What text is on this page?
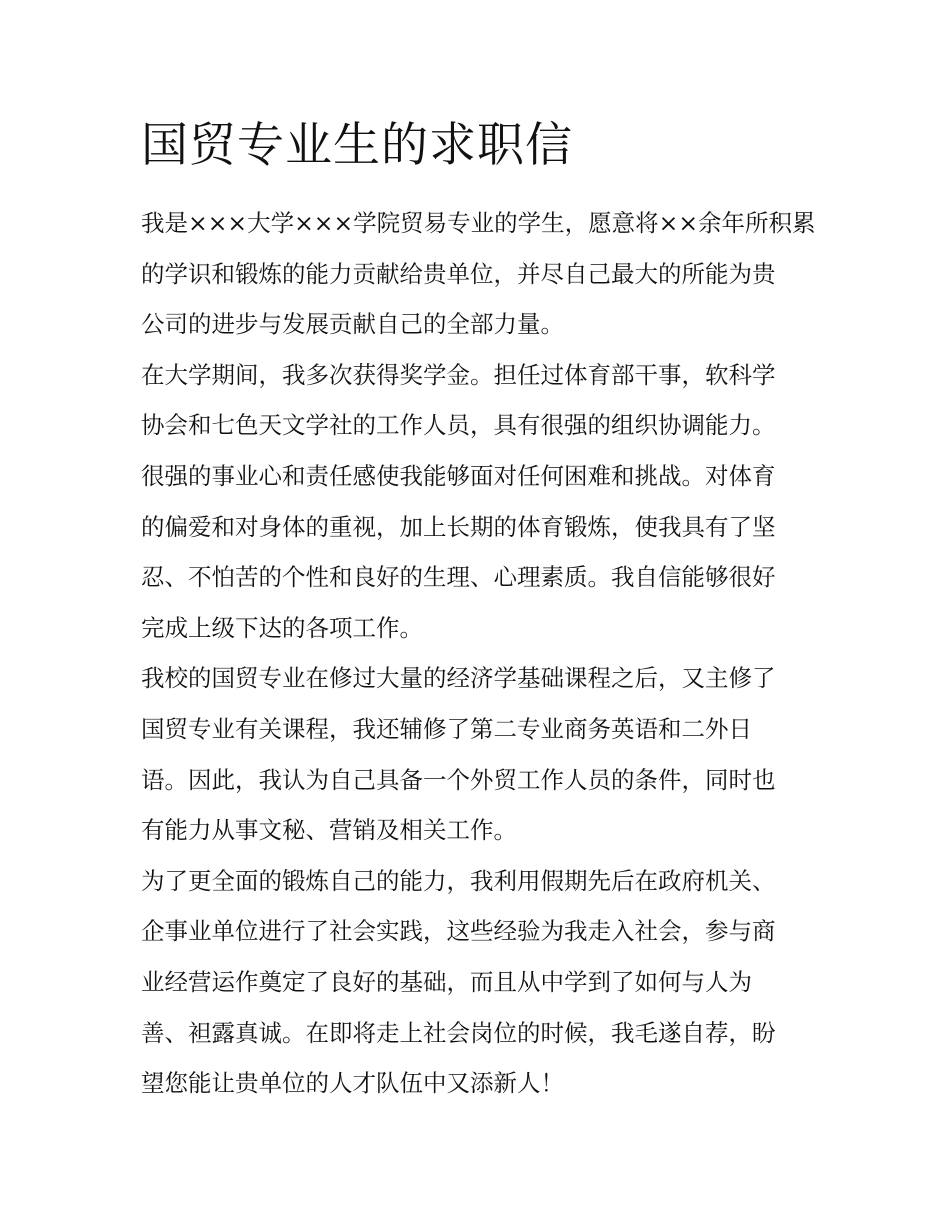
国贸专业生的求职信
我是×××大学×××学院贸易专业的学生，愿意将××余年所积累
的学识和锻炼的能力贡献给贵单位，并尽自己最大的所能为贵
公司的进步与发展贡献自己的全部力量。
在大学期间，我多次获得奖学金。担任过体育部干事，软科学
协会和七色天文学社的工作人员，具有很强的组织协调能力。
很强的事业心和责任感使我能够面对任何困难和挑战。对体育
的偏爱和对身体的重视，加上长期的体育锻炼，使我具有了坚
忍、不怕苦的个性和良好的生理、心理素质。我自信能够很好
完成上级下达的各项工作。
我校的国贸专业在修过大量的经济学基础课程之后，又主修了
国贸专业有关课程，我还辅修了第二专业商务英语和二外日
语。因此，我认为自己具备一个外贸工作人员的条件，同时也
有能力从事文秘、营销及相关工作。
为了更全面的锻炼自己的能力，我利用假期先后在政府机关、
企事业单位进行了社会实践，这些经验为我走入社会，参与商
业经营运作奠定了良好的基础，而且从中学到了如何与人为
善、袒露真诚。在即将走上社会岗位的时候，我毛遂自荐，盼
望您能让贵单位的人才队伍中又添新人！
